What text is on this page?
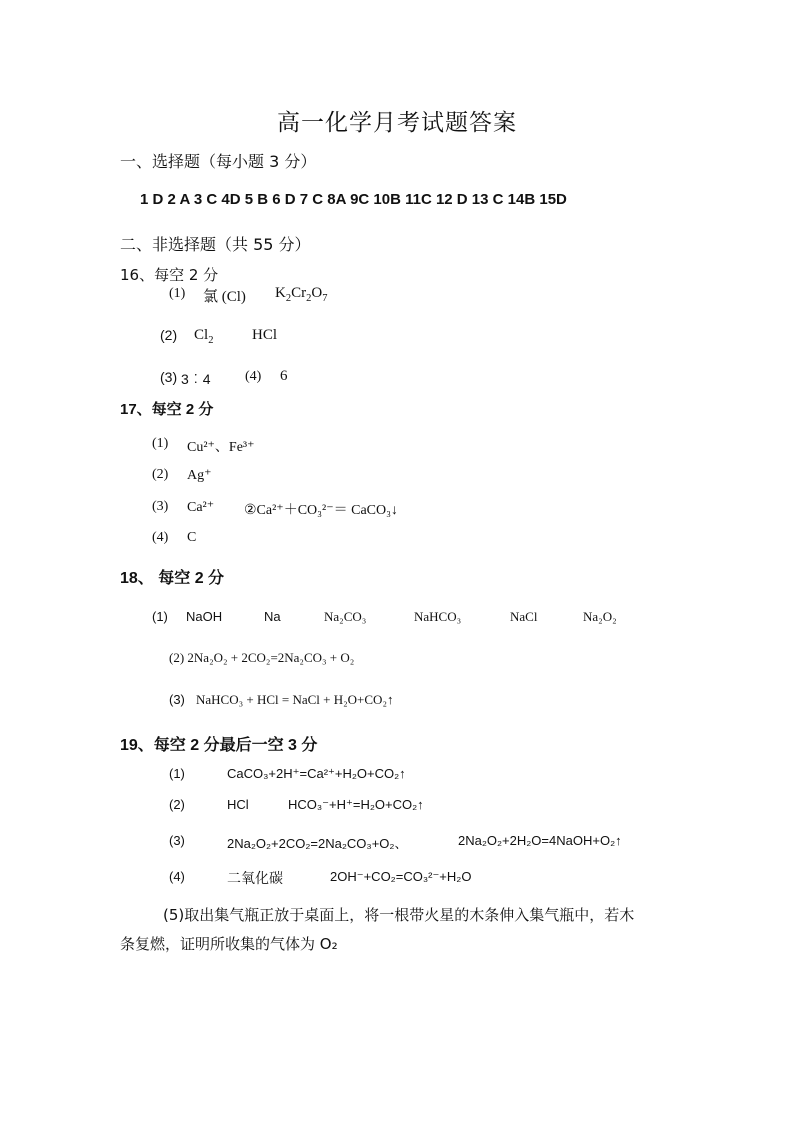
高一化学月考试题答案
一、选择题（每小题 3 分）
1 D 2 A 3 C 4D 5 B 6 D 7 C 8A 9C 10B 11C 12 D 13 C 14B 15D
二、非选择题（共 55 分）
16、每空 2 分
(1) 氯 (Cl) $K_2Cr_2O_7$
(2) $Cl_2$	HCl
(3) 3︰4 (4) 6
17、每空 2 分
(1) Cu²⁺、Fe³⁺
(2) Ag⁺
(3) Ca²⁺ ②Ca²⁺＋CO₃²⁻＝ CaCO₃↓
(4) C
18、 每空 2 分
(1) NaOH	Na	Na₂CO₃	NaHCO₃	NaCl	Na₂O₂
(2) 2Na₂O₂ + 2CO₂=2Na₂CO₃ + O₂
(3) NaHCO₃ + HCl = NaCl + H₂O+CO₂↑
19、每空 2 分最后一空 3 分
(1)	CaCO₃+2H⁺=Ca²⁺+H₂O+CO₂↑
(2)	HCl	HCO₃⁻+H⁺=H₂O+CO₂↑
(3)	2Na₂O₂+2CO₂=2Na₂CO₃+O₂、	2Na₂O₂+2H₂O=4NaOH+O₂↑
(4)	二氧化碳	2OH⁻+CO₂=CO₃²⁻+H₂O
(5)取出集气瓶正放于桌面上，将一根带火星的木条伸入集气瓶中，若木
条复燃，证明所收集的气体为 O₂
